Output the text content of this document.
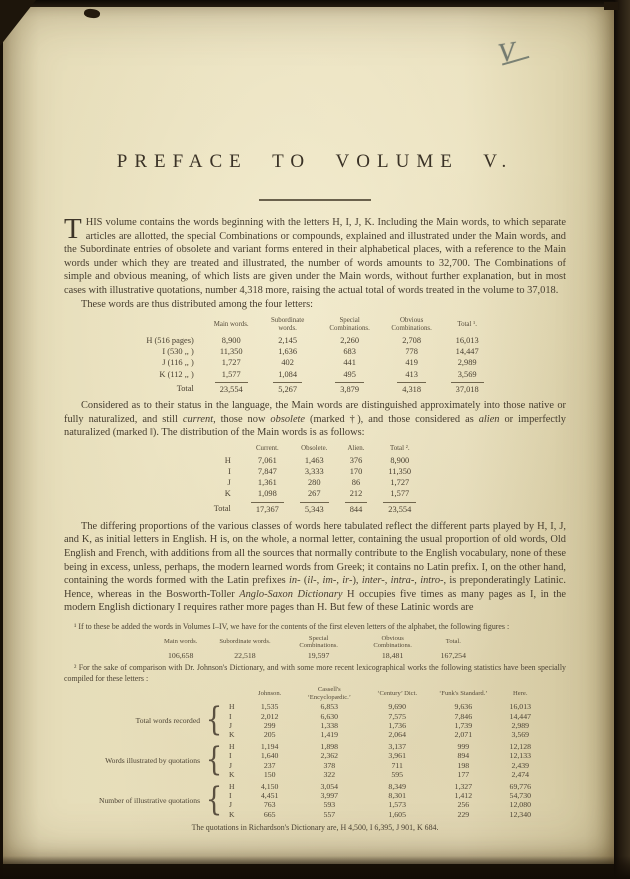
V
PREFACE TO VOLUME V.

THIS volume contains the words beginning with the letters H, I, J, K. Including the Main words, to which separate articles are allotted, the special Combinations or compounds, explained and illustrated under the Main words, and the Subordinate entries of obsolete and variant forms entered in their alphabetical places, with a reference to the Main words under which they are treated and illustrated, the number of words amounts to 32,700. The Combinations of simple and obvious meaning, of which lists are given under the Main words, without further explanation, but in most cases with illustrative quotations, number 4,318 more, raising the actual total of words treated in the volume to 37,018.

These words are thus distributed among the four letters:

	Main words.	Subordinate words.	Special Combinations.	Obvious Combinations.	Total ¹.
H (516 pages)	8,900	2,145	2,260	2,708	16,013
I (530 ,, )	11,350	1,636	683	778	14,447
J (116 ,, )	1,727	402	441	419	2,989
K (112 ,, )	1,577	1,084	495	413	3,569
Total	23,554	5,267	3,879	4,318	37,018

Considered as to their status in the language, the Main words are distinguished approximately into those native or fully naturalized, and still current, those now obsolete (marked †), and those considered as alien or imperfectly naturalized (marked ‖). The distribution of the Main words is as follows:

	Current.	Obsolete.	Alien.	Total ².
H	7,061	1,463	376	8,900
I	7,847	3,333	170	11,350
J	1,361	280	86	1,727
K	1,098	267	212	1,577
Total	17,367	5,343	844	23,554

The differing proportions of the various classes of words here tabulated reflect the different parts played by H, I, J, and K, as initial letters in English. H is, on the whole, a normal letter, containing the usual proportion of old words, Old English and French, with additions from all the sources that normally contribute to the English vocabulary, none of these being in excess, unless, perhaps, the modern learned words from Greek; it contains no Latin prefix. I, on the other hand, containing the words formed with the Latin prefixes in- (il-, im-, ir-), inter-, intra-, intro-, is preponderatingly Latinic. Hence, whereas in the Bosworth-Toller Anglo-Saxon Dictionary H occupies five times as many pages as I, in the modern English dictionary I requires rather more pages than H. But few of these Latinic words are

¹ If to these be added the words in Volumes I–IV, we have for the contents of the first eleven letters of the alphabet, the following figures :

Main words.	Subordinate words.	Special Combinations.	Obvious Combinations.	Total.
106,658	22,518	19,597	18,481	167,254

² For the sake of comparison with Dr. Johnson's Dictionary, and with some more recent lexicographical works the following statistics have been specially compiled for these letters :

			Johnson.	Cassell's ‘Encyclopædic.’	‘Century’ Dict.	‘Funk's Standard.’	Here.
Total words recorded	{	H	1,535	6,853	9,690	9,636	16,013
		I	2,012	6,630	7,575	7,846	14,447
		J	299	1,338	1,736	1,739	2,989
		K	205	1,419	2,064	2,071	3,569

Words illustrated by quotations	{	H	1,194	1,898	3,137	999	12,128
		I	1,640	2,362	3,961	894	12,133
		J	237	378	711	198	2,439
		K	150	322	595	177	2,474

Number of illustrative quotations	{	H	4,150	3,054	8,349	1,327	69,776
		I	4,451	3,997	8,301	1,412	54,730
		J	763	593	1,573	256	12,080
		K	665	557	1,605	229	12,340

The quotations in Richardson's Dictionary are, H 4,500, I 6,395, J 901, K 684.
